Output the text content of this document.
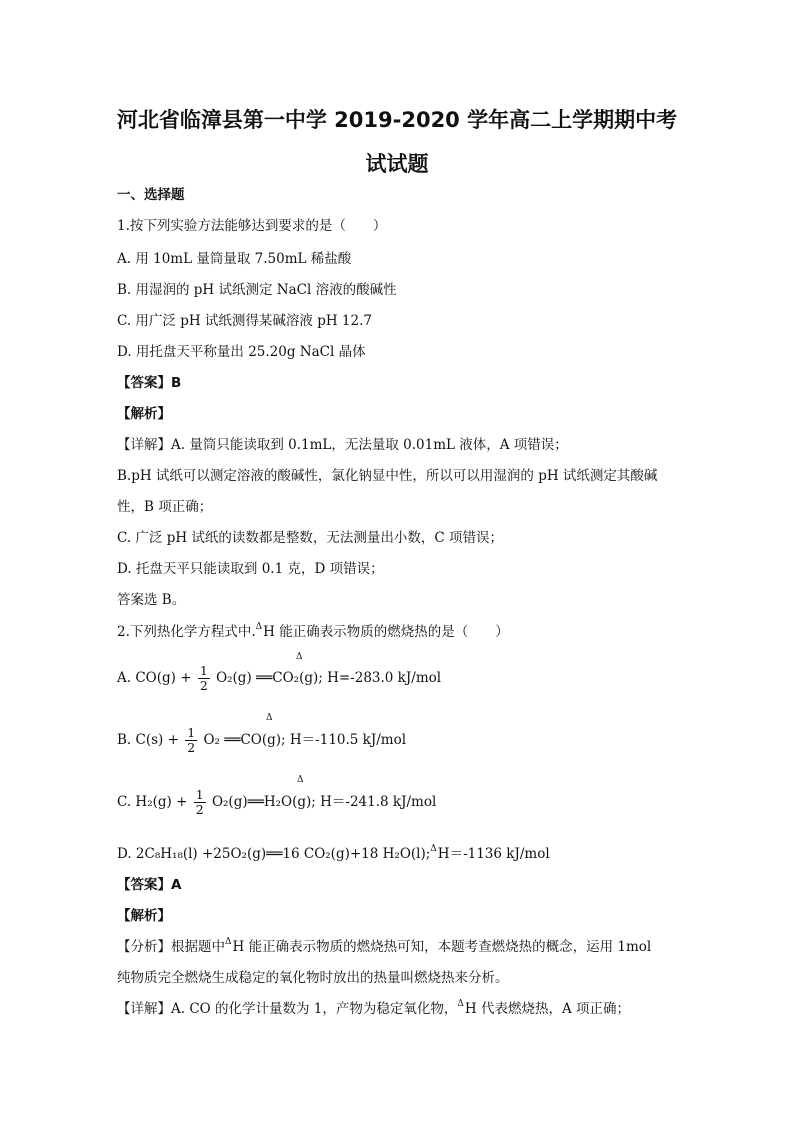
河北省临漳县第一中学 2019-2020 学年高二上学期期中考
试试题
一、选择题
1.按下列实验方法能够达到要求的是（　　）
A. 用 10mL 量筒量取 7.50mL 稀盐酸
B. 用湿润的 pH 试纸测定 NaCl 溶液的酸碱性
C. 用广泛 pH 试纸测得某碱溶液 pH 12.7
D. 用托盘天平称量出 25.20g NaCl 晶体
【答案】B
【解析】
【详解】A. 量筒只能读取到 0.1mL，无法量取 0.01mL 液体，A 项错误；
B.pH 试纸可以测定溶液的酸碱性，氯化钠显中性，所以可以用湿润的 pH 试纸测定其酸碱
性，B 项正确；
C. 广泛 pH 试纸的读数都是整数，无法测量出小数，C 项错误；
D. 托盘天平只能读取到 0.1 克，D 项错误；
答案选 B。
2.下列热化学方程式中.ΔH 能正确表示物质的燃烧热的是（　　）
Δ
A. $CO(g) + \frac{1}{2} O_2(g)$ ══CO₂(g); H=-283.0 kJ/mol
Δ
B. $C(s) + \frac{1}{2} O_2$ ══CO(g); H＝-110.5 kJ/mol
Δ
C. $H_2(g) + \frac{1}{2}$ O₂(g)══H₂O(g); H＝-241.8 kJ/mol
D. 2C₈H₁₈(l) +25O₂(g)══16 CO₂(g)+18 H₂O(l);ΔH＝-1136 kJ/mol
【答案】A
【解析】
【分析】根据题中ΔH 能正确表示物质的燃烧热可知，本题考查燃烧热的概念，运用 1mol
纯物质完全燃烧生成稳定的氧化物时放出的热量叫燃烧热来分析。
【详解】A. CO 的化学计量数为 1，产物为稳定氧化物，ΔH 代表燃烧热，A 项正确；
